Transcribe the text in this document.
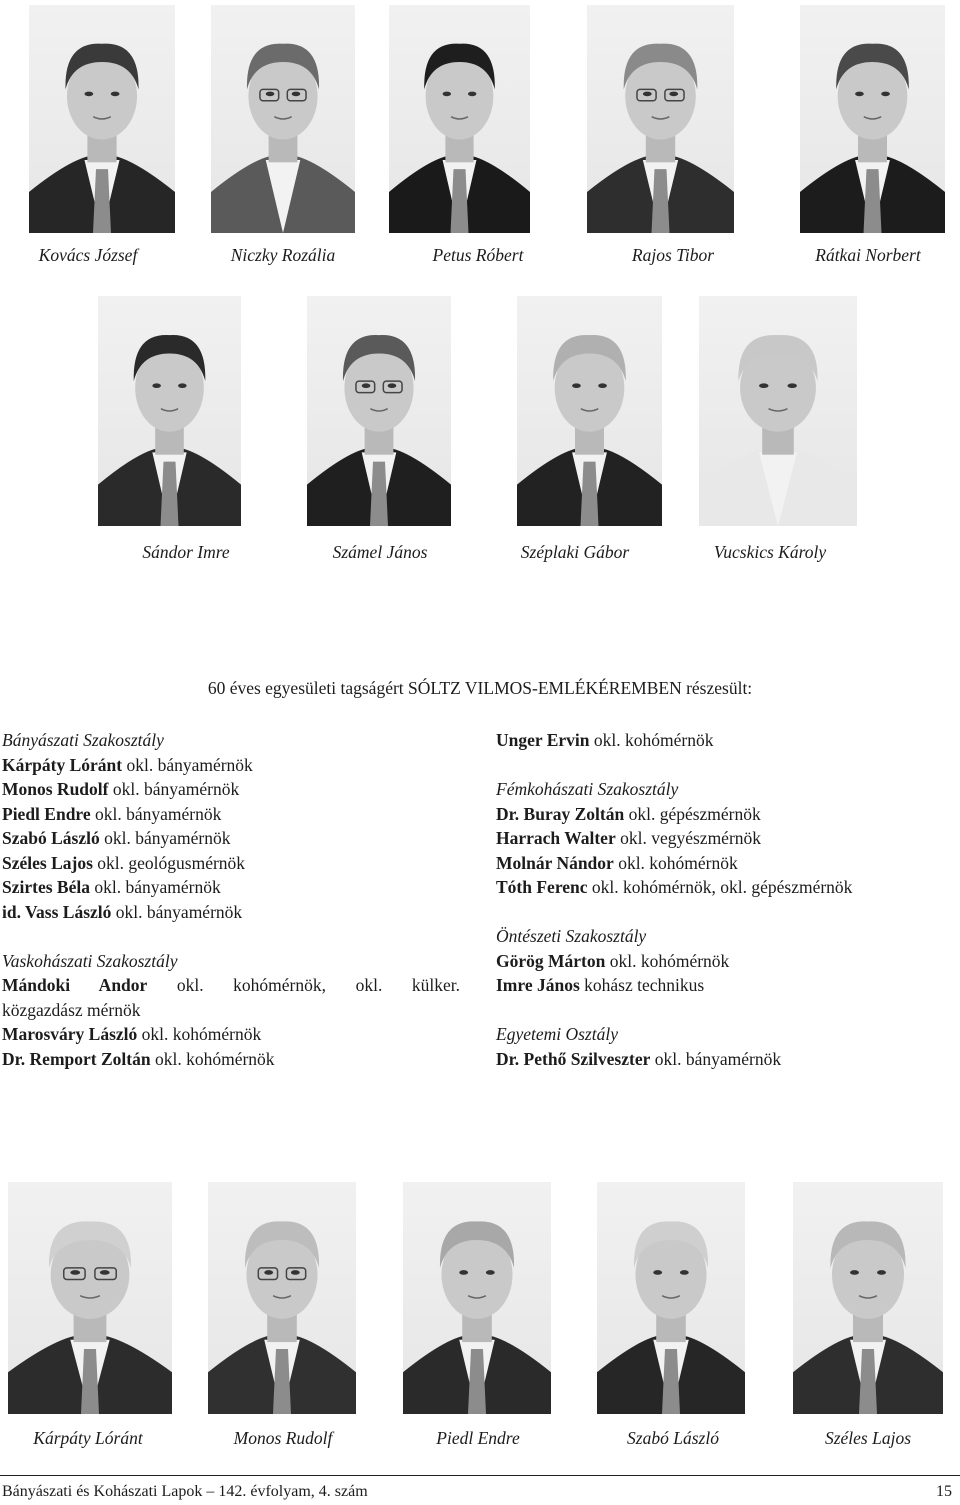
Kovács József	Niczky Rozália	Petus Róbert	Rajos Tibor	Rátkai Norbert
Sándor Imre	Számel János	Széplaki Gábor	Vucskics Károly
60 éves egyesületi tagságért SÓLTZ VILMOS-EMLÉKÉREMBEN részesült:
Bányászati Szakosztály
Kárpáty Lóránt okl. bányamérnök
Monos Rudolf okl. bányamérnök
Piedl Endre okl. bányamérnök
Szabó László okl. bányamérnök
Széles Lajos okl. geológusmérnök
Szirtes Béla okl. bányamérnök
id. Vass László okl. bányamérnök
Vaskohászati Szakosztály
Mándoki Andor okl. kohómérnök, okl. külker.
közgazdász mérnök
Marosváry László okl. kohómérnök
Dr. Remport Zoltán okl. kohómérnök
Unger Ervin okl. kohómérnök
Fémkohászati Szakosztály
Dr. Buray Zoltán okl. gépészmérnök
Harrach Walter okl. vegyészmérnök
Molnár Nándor okl. kohómérnök
Tóth Ferenc okl. kohómérnök, okl. gépészmérnök
Öntészeti Szakosztály
Görög Márton okl. kohómérnök
Imre János kohász technikus
Egyetemi Osztály
Dr. Pethő Szilveszter okl. bányamérnök
Kárpáty Lóránt	Monos Rudolf	Piedl Endre	Szabó László	Széles Lajos
Bányászati és Kohászati Lapok – 142. évfolyam, 4. szám	15
